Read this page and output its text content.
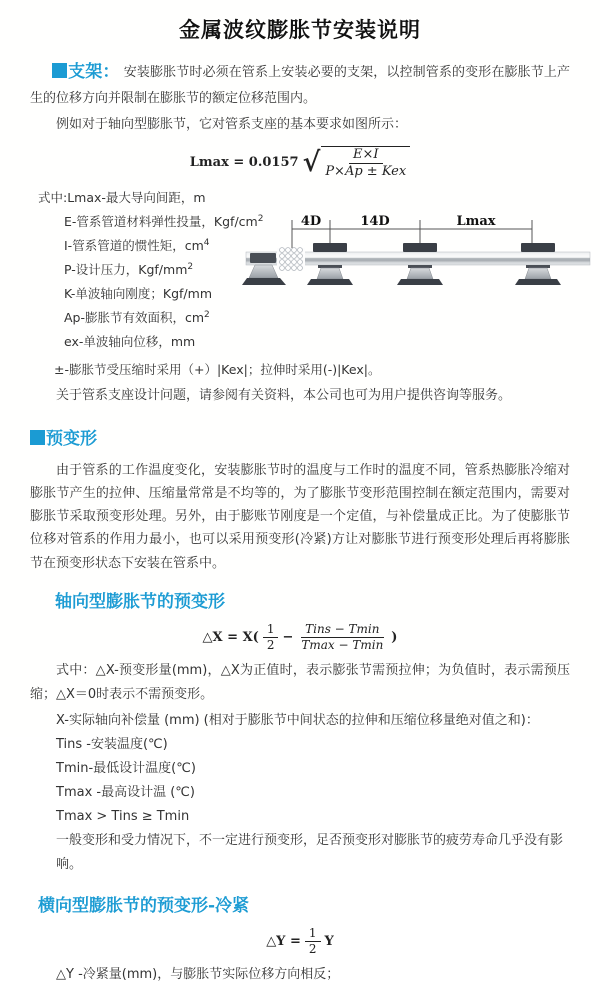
金属波纹膨胀节安装说明

支架： 安装膨胀节时必须在管系上安装必要的支架，以控制管系的变形在膨胀节上产生的位移方向并限制在膨胀节的额定位移范围内。

例如对于轴向型膨胀节，它对管系支座的基本要求如图所示：

Lmax = 0.0157 √ $\frac{E\times I}{\text{P×Ap ± Kex}}$
式中:Lmax-最大导向间距，m
E-管系管道材料弹性投量，Kgf/$cm^2$
I-管系管道的惯性矩，$cm^4$
P-设计压力，Kgf/$mm^2$
K-单波轴向刚度；Kgf/mm
Ap-膨胀节有效面积，$cm^2$
ex-单波轴向位移，mm
4D	14D	Lmax

±-膨胀节受压缩时采用（+）|Kex|；拉伸时采用(-)|Kex|。

关于管系支座设计问题，请参阅有关资料，本公司也可为用户提供咨询等服务。

预变形

由于管系的工作温度变化，安装膨胀节时的温度与工作时的温度不同，管系热膨胀冷缩对膨胀节产生的拉伸、压缩量常常是不均等的，为了膨胀节变形范围控制在额定范围内，需要对膨胀节采取预变形处理。另外，由于膨账节刚度是一个定值，与补偿量成正比。为了使膨胀节位移对管系的作用力最小，也可以采用预变形(冷紧)方让对膨胀节进行预变形处理后再将膨胀节在预变形状态下安装在管系中。

轴向型膨胀节的预变形
△X = $X( \frac{1}{2} - \frac{\text{Tins − Tmin}}{Tmax - Tmin}$ )

式中：△X-预变形量(mm)，△X为正值时，表示膨张节需预拉伸；为负值时，表示需预压缩；△X＝0时表示不需预变形。

X-实际轴向补偿量 (mm) (相对于膨胀节中间状态的拉伸和压缩位移量绝对值之和)：
Tins -安装温度(℃)
Tmin-最低设计温度(℃)
Tmax -最高设计温 (℃)
Tmax > Tins ≥ Tmin
一般变形和受力情况下，不一定进行预变形，足否预变形对膨胀节的疲劳寿命几乎没有影响。
横向型膨胀节的预变形-冷紧
△Y = $\frac{1}{2}$ Y
△Y -冷紧量(mm)，与膨胀节实际位移方向相反；
